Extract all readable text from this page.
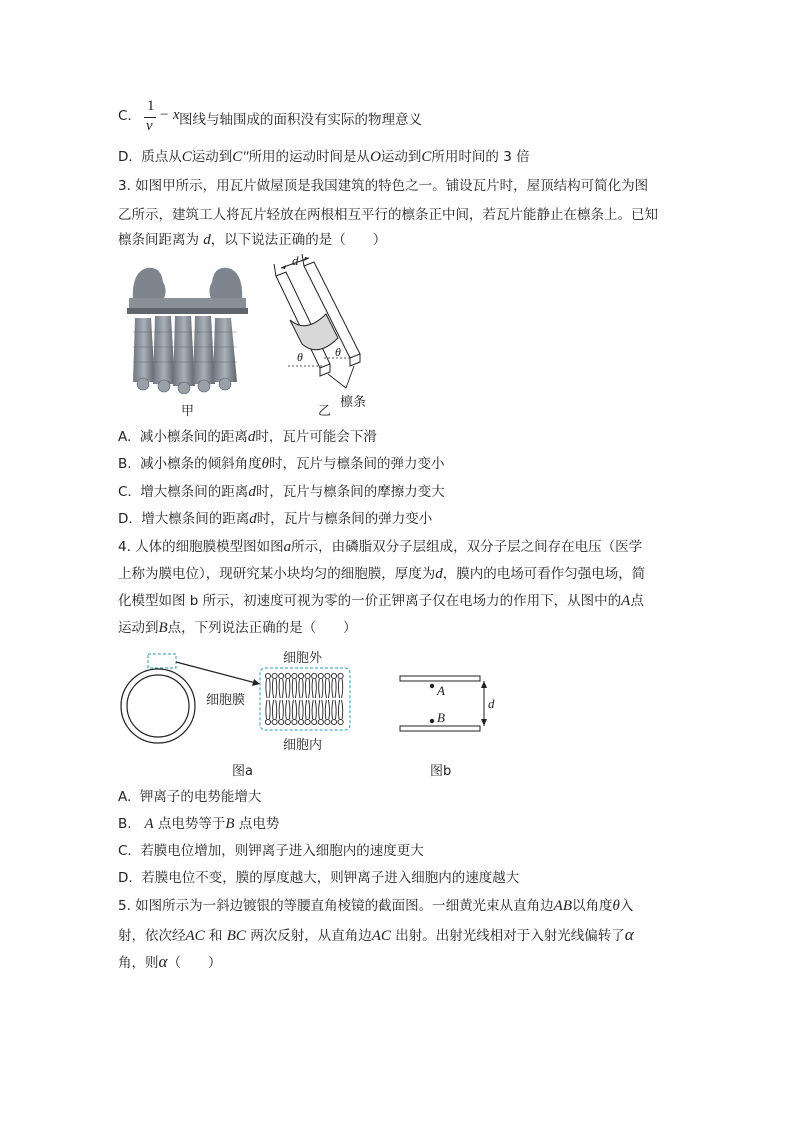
C.
1
v
− x 图线与轴围成的面积没有实际的物理意义
D. 质点从C运动到C″所用的运动时间是从O运动到C所用时间的 3 倍
3. 如图甲所示，用瓦片做屋顶是我国建筑的特色之一。铺设瓦片时，屋顶结构可简化为图
乙所示，建筑工人将瓦片轻放在两根相互平行的檩条正中间，若瓦片能静止在檩条上。已知
檩条间距离为 d，以下说法正确的是（　　）
甲
d
θ	θ
乙
檩条
A. 减小檩条间的距离d时，瓦片可能会下滑
B. 减小檩条的倾斜角度θ时，瓦片与檩条间的弹力变小
C. 增大檩条间的距离d时，瓦片与檩条间的摩擦力变大
D. 增大檩条间的距离d时，瓦片与檩条间的弹力变小
4. 人体的细胞膜模型图如图a所示，由磷脂双分子层组成，双分子层之间存在电压（医学
上称为膜电位），现研究某小块均匀的细胞膜，厚度为d，膜内的电场可看作匀强电场，简
化模型如图 b 所示，初速度可视为零的一价正钾离子仅在电场力的作用下，从图中的A点
运动到B点，下列说法正确的是（　　）
细胞外
细胞膜
细胞内
图a
A
B
d
图b
A. 钾离子的电势能增大
B. A 点电势等于B 点电势
C. 若膜电位增加，则钾离子进入细胞内的速度更大
D. 若膜电位不变，膜的厚度越大，则钾离子进入细胞内的速度越大
5. 如图所示为一斜边镀银的等腰直角棱镜的截面图。一细黄光束从直角边AB以角度θ入
射，依次经AC 和 BC 两次反射，从直角边AC 出射。出射光线相对于入射光线偏转了α
角，则α（　　）
